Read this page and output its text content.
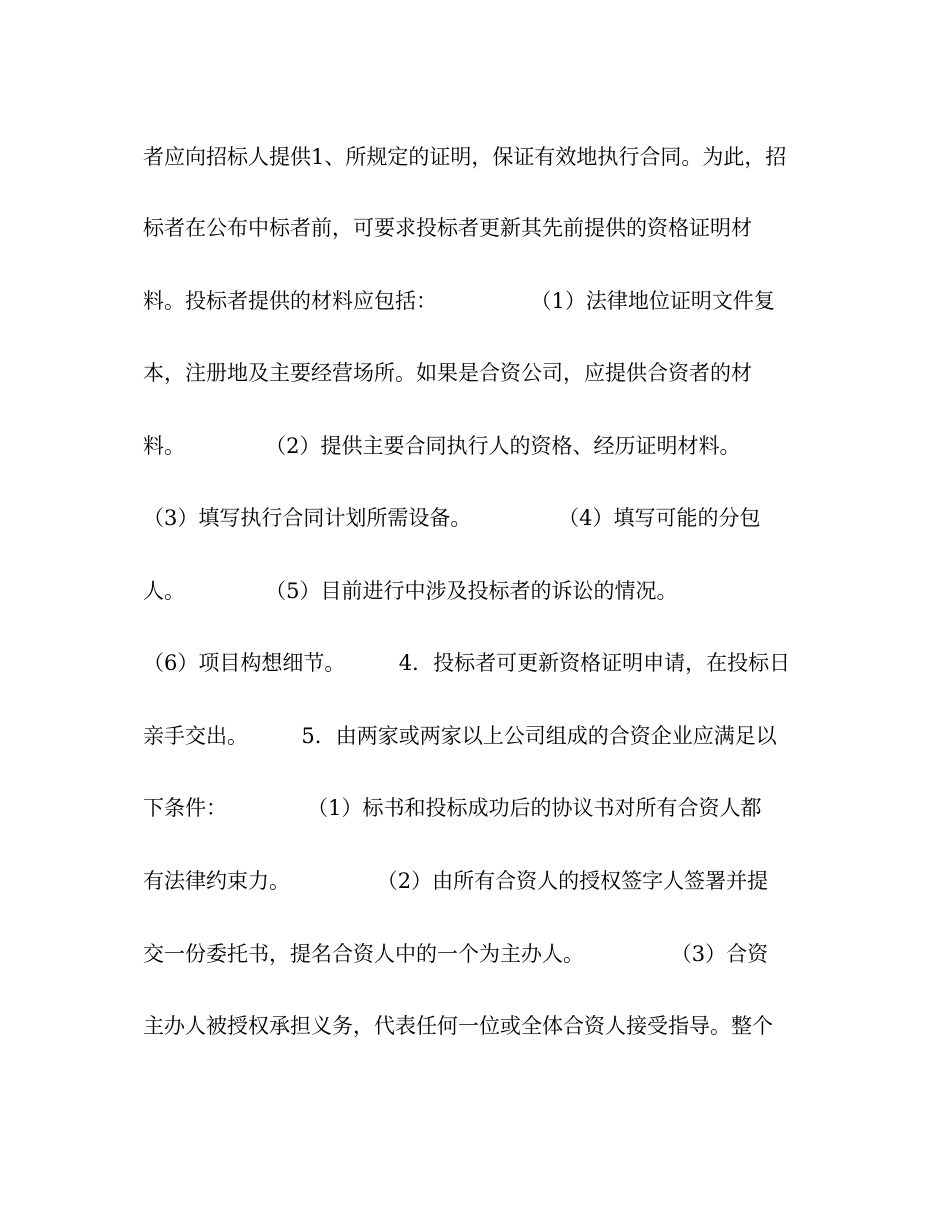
者应向招标人提供1、所规定的证明，保证有效地执行合同。为此，招
标者在公布中标者前，可要求投标者更新其先前提供的资格证明材
料。投标者提供的材料应包括：              （1）法律地位证明文件复
本，注册地及主要经营场所。如果是合资公司，应提供合资者的材
料。            （2）提供主要合同执行人的资格、经历证明材料。
（3）填写执行合同计划所需设备。             （4）填写可能的分包
人。            （5）目前进行中涉及投标者的诉讼的情况。
（6）项目构想细节。        4．投标者可更新资格证明申请，在投标日
亲手交出。        5．由两家或两家以上公司组成的合资企业应满足以
下条件：            （1）标书和投标成功后的协议书对所有合资人都
有法律约束力。             （2）由所有合资人的授权签字人签署并提
交一份委托书，提名合资人中的一个为主办人。             （3）合资
主办人被授权承担义务，代表任何一位或全体合资人接受指导。整个
